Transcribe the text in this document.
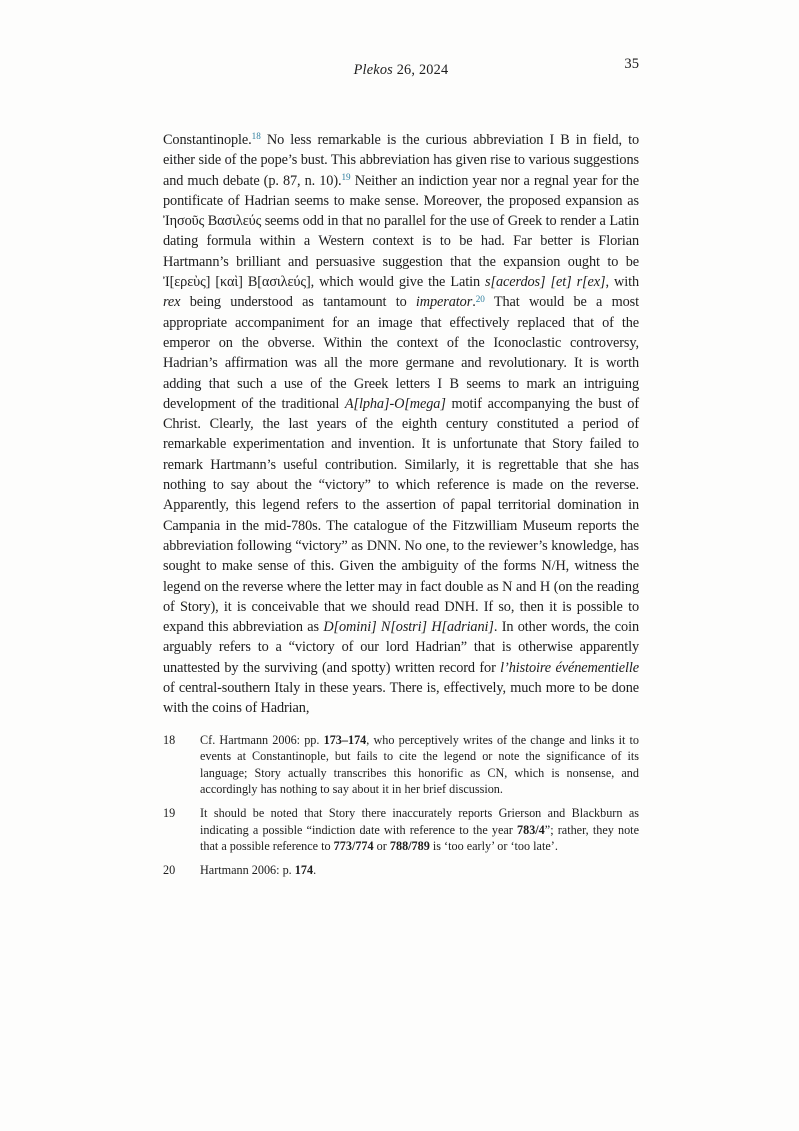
Plekos 26, 2024	35
Constantinople.$^{18}$ No less remarkable is the curious abbreviation I B in field, to either side of the pope’s bust. This abbreviation has given rise to various suggestions and much debate (p. 87, n. 10).$^{19}$ Neither an indiction year nor a regnal year for the pontificate of Hadrian seems to make sense. Moreover, the proposed expansion as Ἰησοῦς Βασιλεύς seems odd in that no parallel for the use of Greek to render a Latin dating formula within a Western context is to be had. Far better is Florian Hartmann’s brilliant and persuasive suggestion that the expansion ought to be Ἰ[ερεὺς] [καὶ] Β[ασιλεύς], which would give the Latin s[acerdos] [et] r[ex], with rex being understood as tantamount to imperator.$^{20}$ That would be a most appropriate accompaniment for an image that effectively replaced that of the emperor on the obverse. Within the context of the Iconoclastic controversy, Hadrian’s affirmation was all the more germane and revolutionary. It is worth adding that such a use of the Greek letters I B seems to mark an intriguing development of the traditional A[lpha]-O[mega] motif accompanying the bust of Christ. Clearly, the last years of the eighth century constituted a period of remarkable experimentation and invention. It is unfortunate that Story failed to remark Hartmann’s useful contribution. Similarly, it is regrettable that she has nothing to say about the “victory” to which reference is made on the reverse. Apparently, this legend refers to the assertion of papal territorial domination in Campania in the mid-780s. The catalogue of the Fitzwilliam Museum reports the abbreviation following “victory” as DNN. No one, to the reviewer’s knowledge, has sought to make sense of this. Given the ambiguity of the forms N/H, witness the legend on the reverse where the letter may in fact double as N and H (on the reading of Story), it is conceivable that we should read DNH. If so, then it is possible to expand this abbreviation as D[omini] N[ostri] H[adriani]. In other words, the coin arguably refers to a “victory of our lord Hadrian” that is otherwise apparently unattested by the surviving (and spotty) written record for l’histoire événementielle of central-southern Italy in these years. There is, effectively, much more to be done with the coins of Hadrian,
18	Cf. Hartmann 2006: pp. 173–174, who perceptively writes of the change and links it to events at Constantinople, but fails to cite the legend or note the significance of its language; Story actually transcribes this honorific as CN, which is nonsense, and accordingly has nothing to say about it in her brief discussion.
19	It should be noted that Story there inaccurately reports Grierson and Blackburn as indicating a possible “indiction date with reference to the year 783/4”; rather, they note that a possible reference to 773/774 or 788/789 is ‘too early’ or ‘too late’.
20	Hartmann 2006: p. 174.
